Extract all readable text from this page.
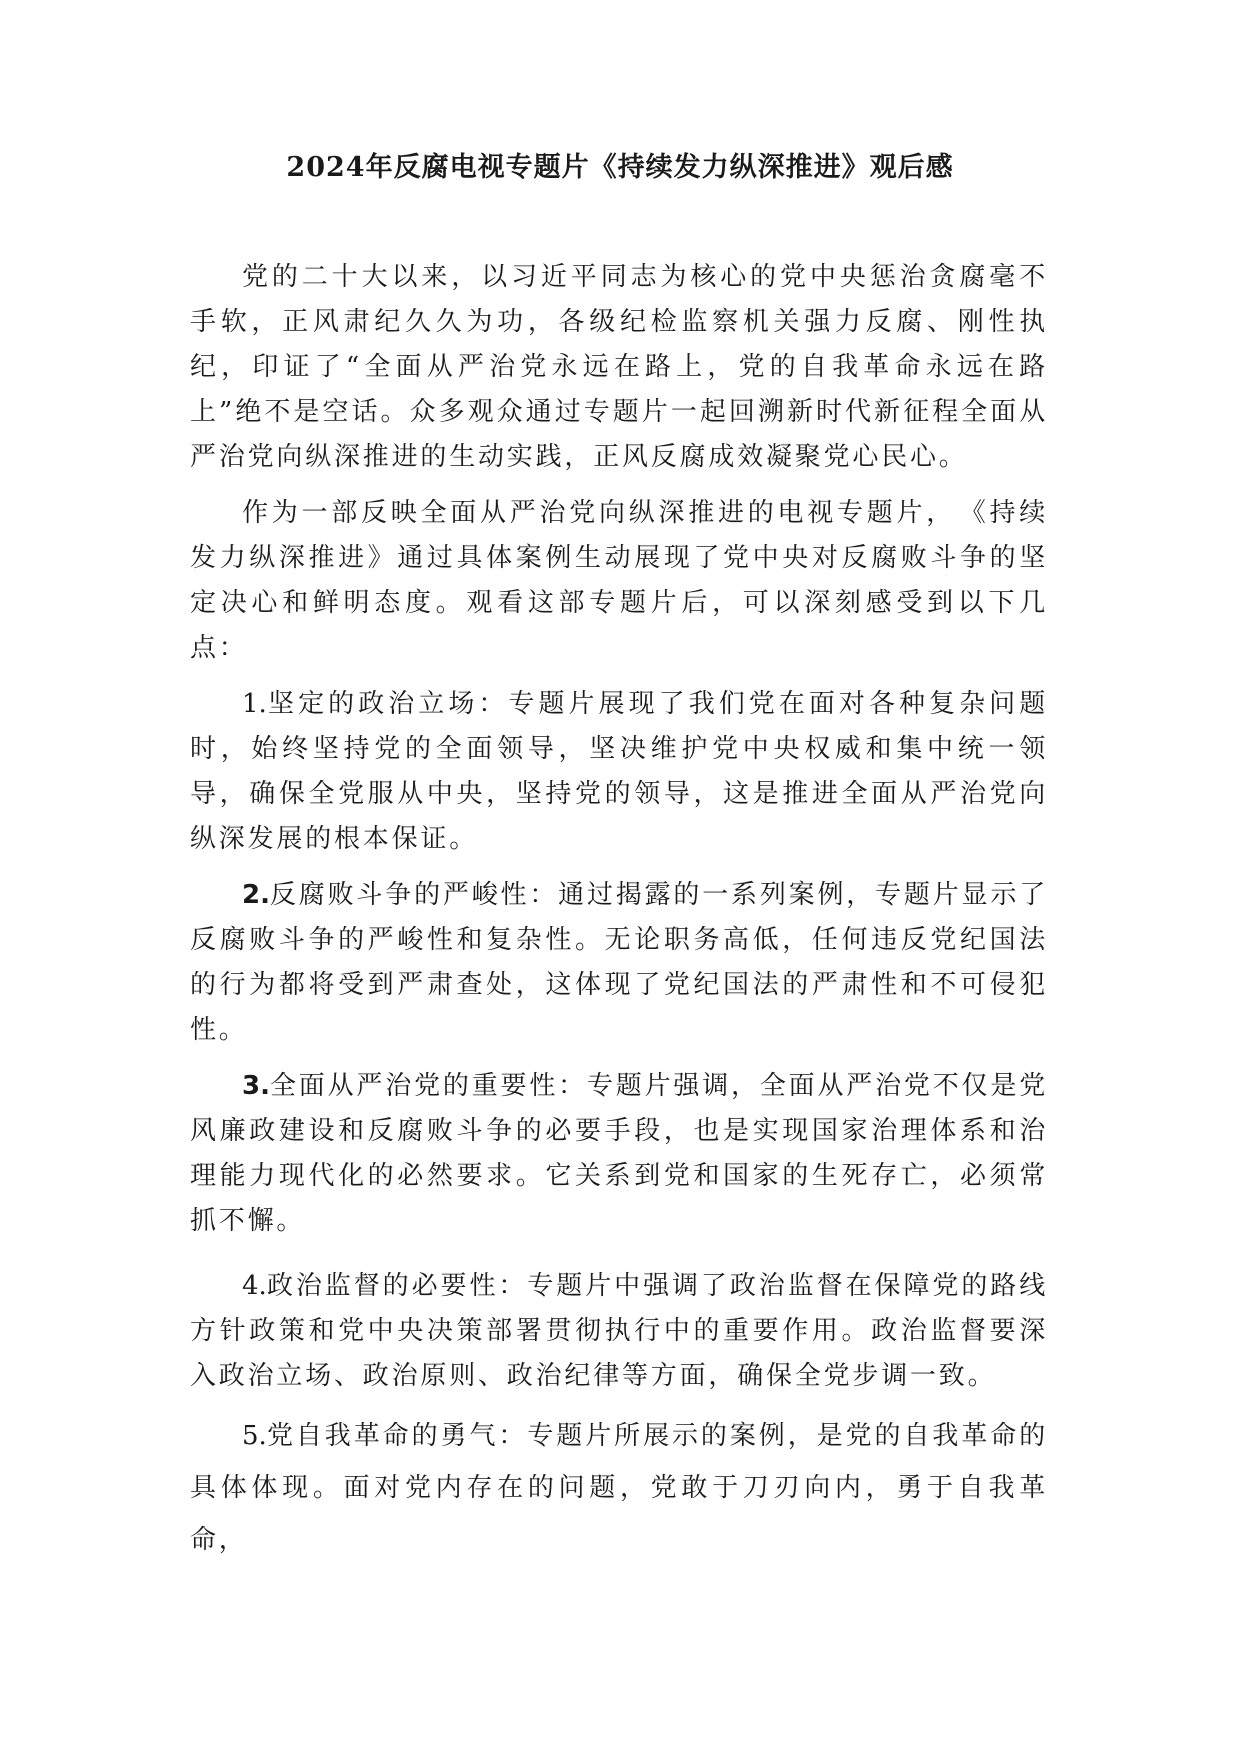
2024年反腐电视专题片《持续发力纵深推进》观后感

党的二十大以来，以习近平同志为核心的党中央惩治贪腐毫不手软，正风肃纪久久为功，各级纪检监察机关强力反腐、刚性执纪，印证了“全面从严治党永远在路上，党的自我革命永远在路上”绝不是空话。众多观众通过专题片一起回溯新时代新征程全面从严治党向纵深推进的生动实践，正风反腐成效凝聚党心民心。

作为一部反映全面从严治党向纵深推进的电视专题片，　《持续发力纵深推进》通过具体案例生动展现了党中央对反腐败斗争的坚定决心和鲜明态度。观看这部专题片后，可以深刻感受到以下几点：

1.坚定的政治立场：专题片展现了我们党在面对各种复杂问题时，始终坚持党的全面领导，坚决维护党中央权威和集中统一领导，确保全党服从中央，坚持党的领导，这是推进全面从严治党向纵深发展的根本保证。

2.反腐败斗争的严峻性：通过揭露的一系列案例，专题片显示了反腐败斗争的严峻性和复杂性。无论职务高低，任何违反党纪国法的行为都将受到严肃查处，这体现了党纪国法的严肃性和不可侵犯性。

3.全面从严治党的重要性：专题片强调，全面从严治党不仅是党风廉政建设和反腐败斗争的必要手段，也是实现国家治理体系和治理能力现代化的必然要求。它关系到党和国家的生死存亡，必须常抓不懈。

4.政治监督的必要性：专题片中强调了政治监督在保障党的路线方针政策和党中央决策部署贯彻执行中的重要作用。政治监督要深入政治立场、政治原则、政治纪律等方面，确保全党步调一致。

5.党自我革命的勇气：专题片所展示的案例，是党的自我革命的具体体现。面对党内存在的问题，党敢于刀刃向内，勇于自我革命，
